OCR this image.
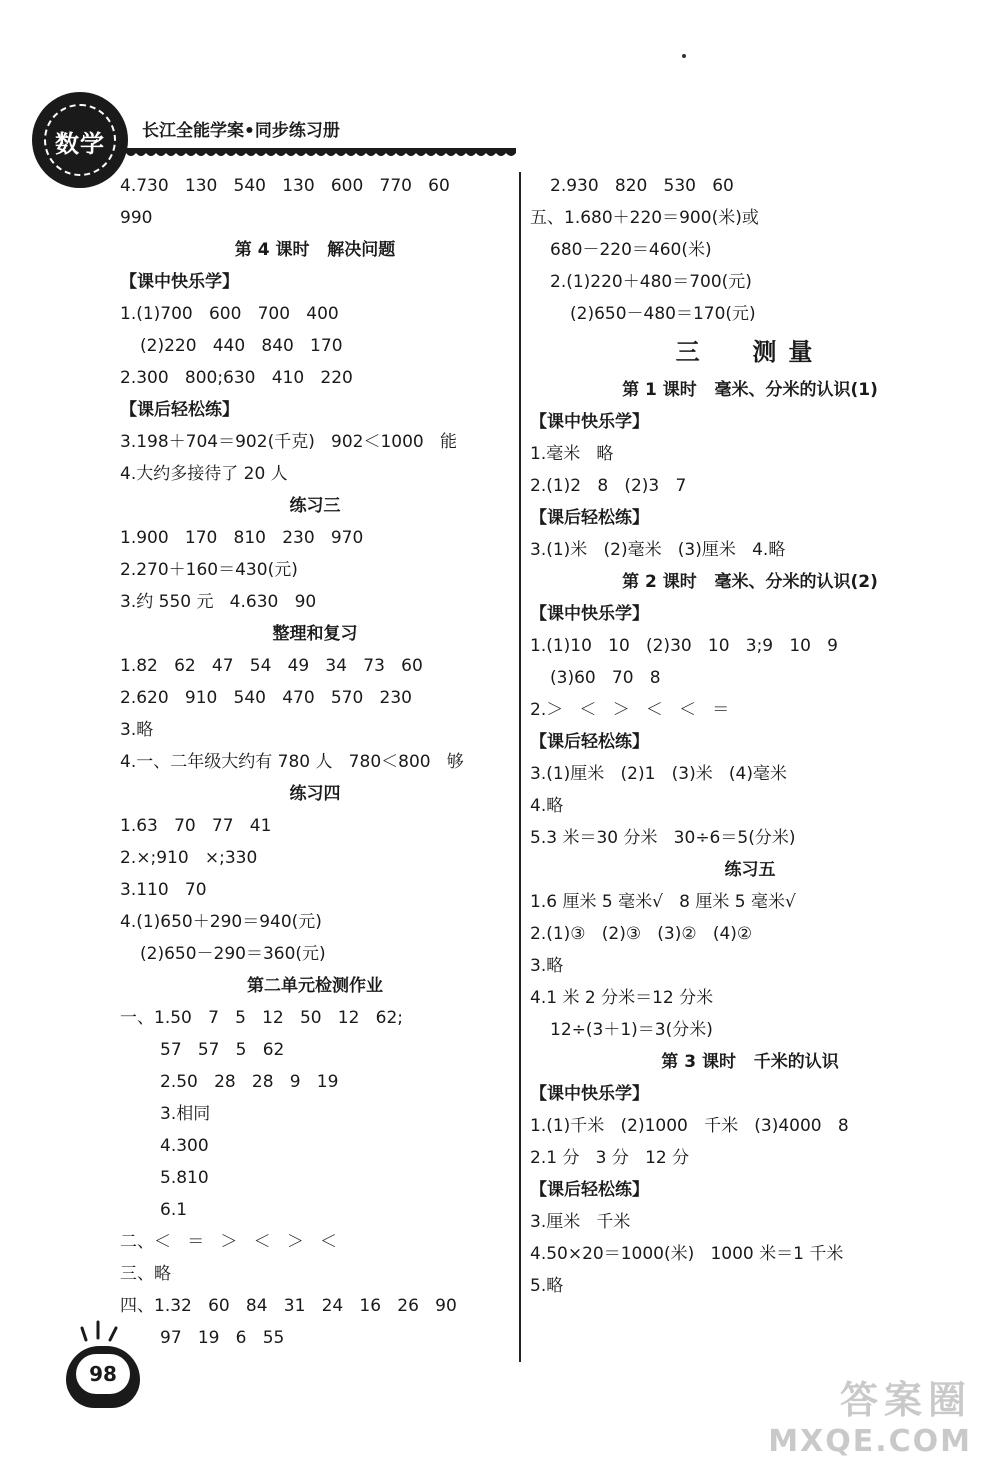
数学	长江全能学案•同步练习册
4.730   130   540   130   600   770   60
990
第 4 课时   解决问题
【课中快乐学】
1.(1)700   600   700   400
(2)220   440   840   170
2.300   800;630   410   220
【课后轻松练】
3.198＋704＝902(千克)   902＜1000   能
4.大约多接待了 20 人
练习三
1.900   170   810   230   970
2.270＋160＝430(元)
3.约 550 元   4.630   90
整理和复习
1.82   62   47   54   49   34   73   60
2.620   910   540   470   570   230
3.略
4.一、二年级大约有 780 人   780＜800   够
练习四
1.63   70   77   41
2.×;910   ×;330
3.110   70
4.(1)650＋290＝940(元)
(2)650－290＝360(元)
第二单元检测作业
一、1.50   7   5   12   50   12   62;
57   57   5   62
2.50   28   28   9   19
3.相同
4.300
5.810
6.1
二、＜   ＝   ＞   ＜   ＞   ＜
三、略
四、1.32   60   84   31   24   16   26   90
97   19   6   55
2.930   820   530   60
五、1.680＋220＝900(米)或
680－220＝460(米)
2.(1)220＋480＝700(元)
(2)650－480＝170(元)
三  测量
第 1 课时   毫米、分米的认识(1)
【课中快乐学】
1.毫米   略
2.(1)2   8   (2)3   7
【课后轻松练】
3.(1)米   (2)毫米   (3)厘米   4.略
第 2 课时   毫米、分米的认识(2)
【课中快乐学】
1.(1)10   10   (2)30   10   3;9   10   9
(3)60   70   8
2.＞   ＜   ＞   ＜   ＜   ＝
【课后轻松练】
3.(1)厘米   (2)1   (3)米   (4)毫米
4.略
5.3 米＝30 分米   30÷6＝5(分米)
练习五
1.6 厘米 5 毫米√   8 厘米 5 毫米√
2.(1)③   (2)③   (3)②   (4)②
3.略
4.1 米 2 分米＝12 分米
12÷(3＋1)＝3(分米)
第 3 课时   千米的认识
【课中快乐学】
1.(1)千米   (2)1000   千米   (3)4000   8
2.1 分   3 分   12 分
【课后轻松练】
3.厘米   千米
4.50×20＝1000(米)   1000 米＝1 千米
5.略
98
答案圈
MXQE.COM
